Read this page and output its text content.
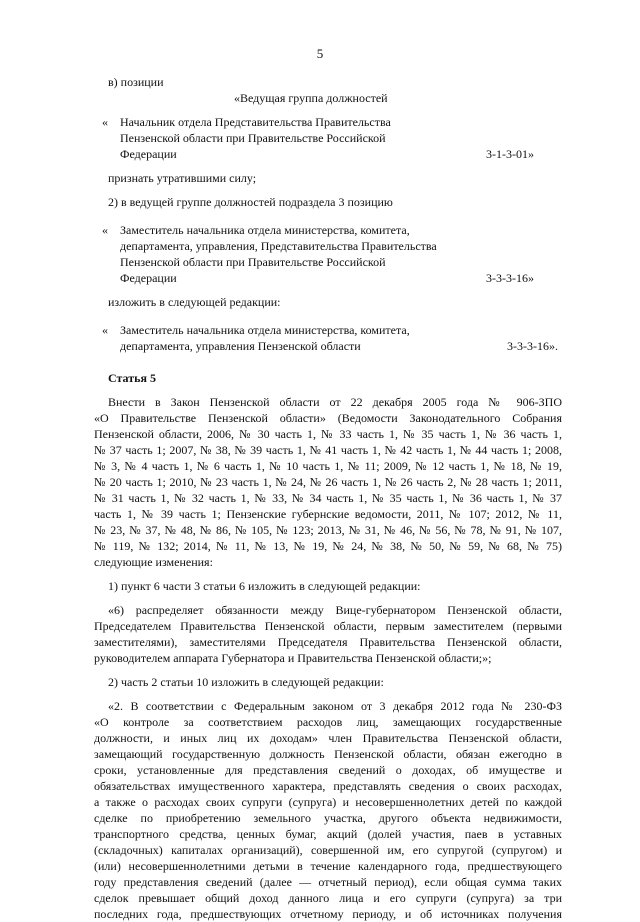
5
в) позиции
«Ведущая группа должностей
« Начальник отдела Представительства Правительства
Пензенской области при Правительстве Российской
Федерации	3-1-3-01»
признать утратившими силу;
2) в ведущей группе должностей подраздела 3 позицию
« Заместитель начальника отдела министерства, комитета,
департамента, управления, Представительства Правительства
Пензенской области при Правительстве Российской
Федерации	3-3-3-16»
изложить в следующей редакции:
« Заместитель начальника отдела министерства, комитета,
департамента, управления Пензенской области	3-3-3-16».
Статья 5
Внести в Закон Пензенской области от 22 декабря 2005 года № 906-ЗПО
«О Правительстве Пензенской области» (Ведомости Законодательного Собрания
Пензенской области, 2006, № 30 часть 1, № 33 часть 1, № 35 часть 1, № 36 часть 1,
№ 37 часть 1; 2007, № 38, № 39 часть 1, № 41 часть 1, № 42 часть 1, № 44 часть 1; 2008,
№ 3, № 4 часть 1, № 6 часть 1, № 10 часть 1, № 11; 2009, № 12 часть 1, № 18, № 19,
№ 20 часть 1; 2010, № 23 часть 1, № 24, № 26 часть 1, № 26 часть 2, № 28 часть 1; 2011,
№ 31 часть 1, № 32 часть 1, № 33, № 34 часть 1, № 35 часть 1, № 36 часть 1, № 37
часть 1, № 39 часть 1; Пензенские губернские ведомости, 2011, № 107; 2012, № 11,
№ 23, № 37, № 48, № 86, № 105, № 123; 2013, № 31, № 46, № 56, № 78, № 91, № 107,
№ 119, № 132; 2014, № 11, № 13, № 19, № 24, № 38, № 50, № 59, № 68, № 75)
следующие изменения:
1) пункт 6 части 3 статьи 6 изложить в следующей редакции:
«6) распределяет обязанности между Вице-губернатором Пензенской области,
Председателем Правительства Пензенской области, первым заместителем (первыми
заместителями), заместителями Председателя Правительства Пензенской области,
руководителем аппарата Губернатора и Правительства Пензенской области;»;
2) часть 2 статьи 10 изложить в следующей редакции:
«2. В соответствии с Федеральным законом от 3 декабря 2012 года № 230-ФЗ
«О контроле за соответствием расходов лиц, замещающих государственные
должности, и иных лиц их доходам» член Правительства Пензенской области,
замещающий государственную должность Пензенской области, обязан ежегодно в
сроки, установленные для представления сведений о доходах, об имуществе и
обязательствах имущественного характера, представлять сведения о своих расходах,
а также о расходах своих супруги (супруга) и несовершеннолетних детей по каждой
сделке по приобретению земельного участка, другого объекта недвижимости,
транспортного средства, ценных бумаг, акций (долей участия, паев в уставных
(складочных) капиталах организаций), совершенной им, его супругой (супругом) и
(или) несовершеннолетними детьми в течение календарного года, предшествующего
году представления сведений (далее — отчетный период), если общая сумма таких
сделок превышает общий доход данного лица и его супруги (супруга) за три
последних года, предшествующих отчетному периоду, и об источниках получения
